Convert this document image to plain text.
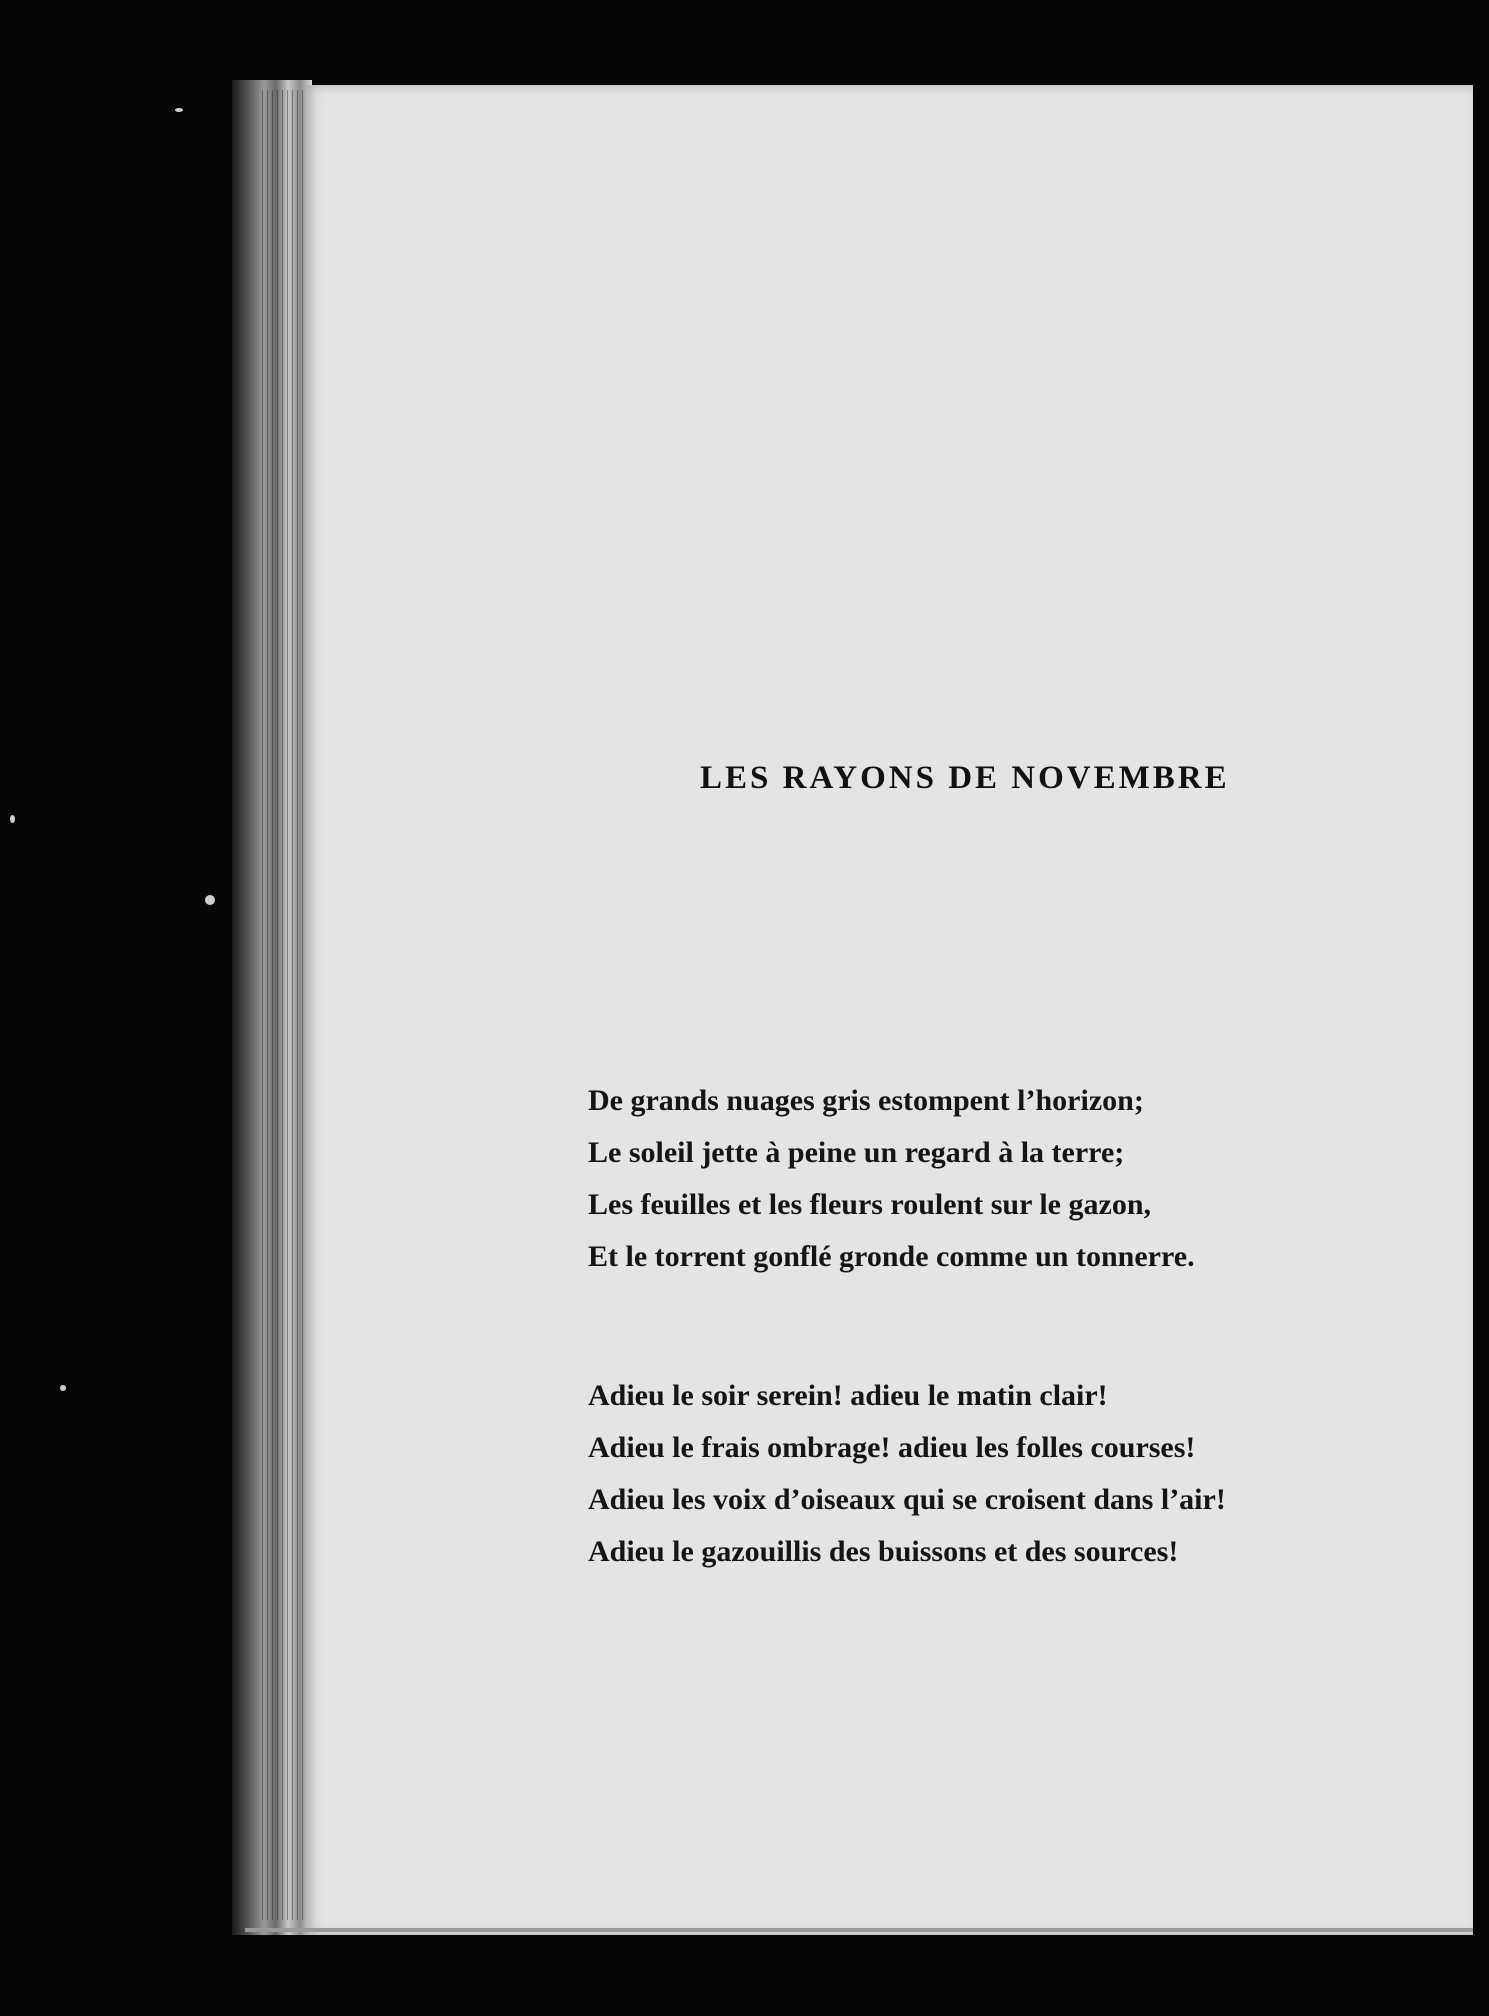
LES RAYONS DE NOVEMBRE
De grands nuages gris estompent l’horizon;
Le soleil jette à peine un regard à la terre;
Les feuilles et les fleurs roulent sur le gazon,
Et le torrent gonflé gronde comme un tonnerre.
Adieu le soir serein! adieu le matin clair!
Adieu le frais ombrage! adieu les folles courses!
Adieu les voix d’oiseaux qui se croisent dans l’air!
Adieu le gazouillis des buissons et des sources!
